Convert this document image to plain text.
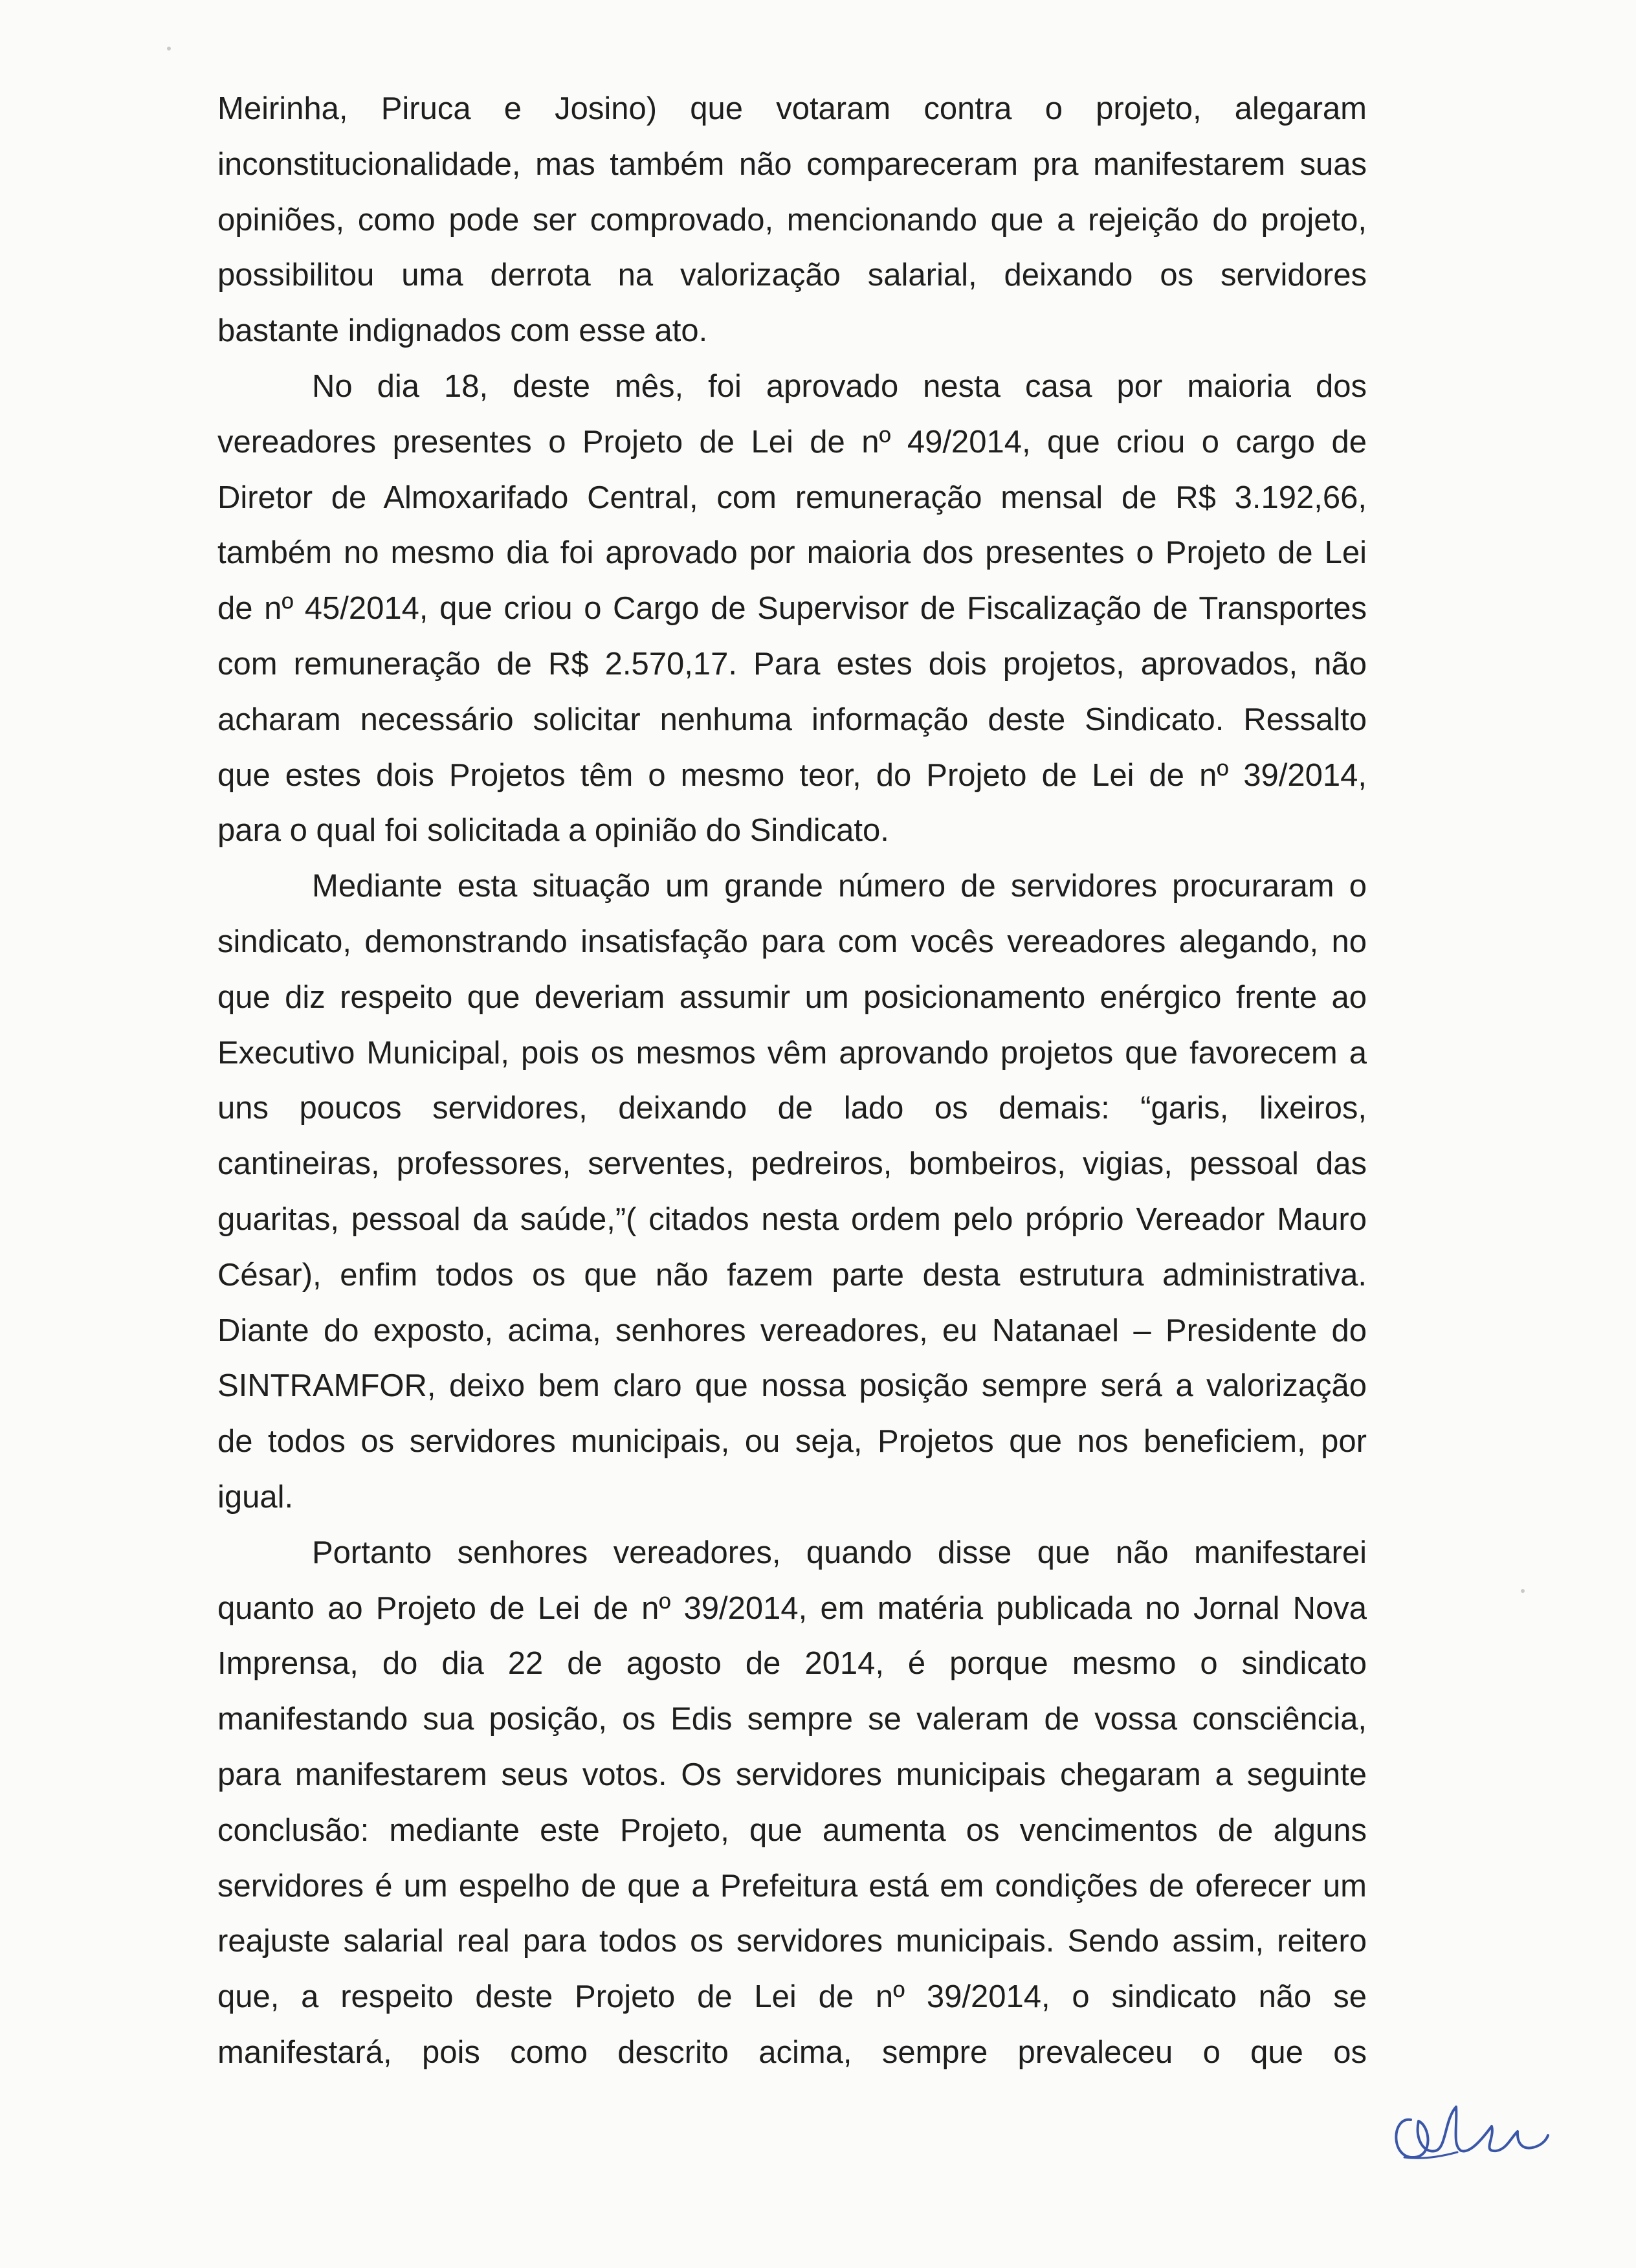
Meirinha, Piruca e Josino) que votaram contra o projeto, alegaram

inconstitucionalidade, mas também não compareceram pra manifestarem suas

opiniões, como pode ser comprovado, mencionando que a rejeição do projeto,

possibilitou uma derrota na valorização salarial, deixando os servidores

bastante indignados com esse ato.

No dia 18, deste mês, foi aprovado nesta casa por maioria dos

vereadores presentes o Projeto de Lei de nº 49/2014, que criou o cargo de

Diretor de Almoxarifado Central, com remuneração mensal de R$ 3.192,66,

também no mesmo dia foi aprovado por maioria dos presentes o Projeto de Lei

de nº 45/2014, que criou o Cargo de Supervisor de Fiscalização de Transportes

com remuneração de R$ 2.570,17. Para estes dois projetos, aprovados, não

acharam necessário solicitar nenhuma informação deste Sindicato. Ressalto

que estes dois Projetos têm o mesmo teor, do Projeto de Lei de nº 39/2014,

para o qual foi solicitada a opinião do Sindicato.

Mediante esta situação um grande número de servidores procuraram o

sindicato, demonstrando insatisfação para com vocês vereadores alegando, no

que diz respeito que deveriam assumir um posicionamento enérgico frente ao

Executivo Municipal, pois os mesmos vêm aprovando projetos que favorecem a

uns poucos servidores, deixando de lado os demais: “garis, lixeiros,

cantineiras, professores, serventes, pedreiros, bombeiros, vigias, pessoal das

guaritas, pessoal da saúde,”( citados nesta ordem pelo próprio Vereador Mauro

César), enfim todos os que não fazem parte desta estrutura administrativa.

Diante do exposto, acima, senhores vereadores, eu Natanael – Presidente do

SINTRAMFOR, deixo bem claro que nossa posição sempre será a valorização

de todos os servidores municipais, ou seja, Projetos que nos beneficiem, por

igual.

Portanto senhores vereadores, quando disse que não manifestarei

quanto ao Projeto de Lei de nº 39/2014, em matéria publicada no Jornal Nova

Imprensa, do dia 22 de agosto de 2014, é porque mesmo o sindicato

manifestando sua posição, os Edis sempre se valeram de vossa consciência,

para manifestarem seus votos. Os servidores municipais chegaram a seguinte

conclusão: mediante este Projeto, que aumenta os vencimentos de alguns

servidores é um espelho de que a Prefeitura está em condições de oferecer um

reajuste salarial real para todos os servidores municipais. Sendo assim, reitero

que, a respeito deste Projeto de Lei de nº 39/2014, o sindicato não se

manifestará, pois como descrito acima, sempre prevaleceu o que os
